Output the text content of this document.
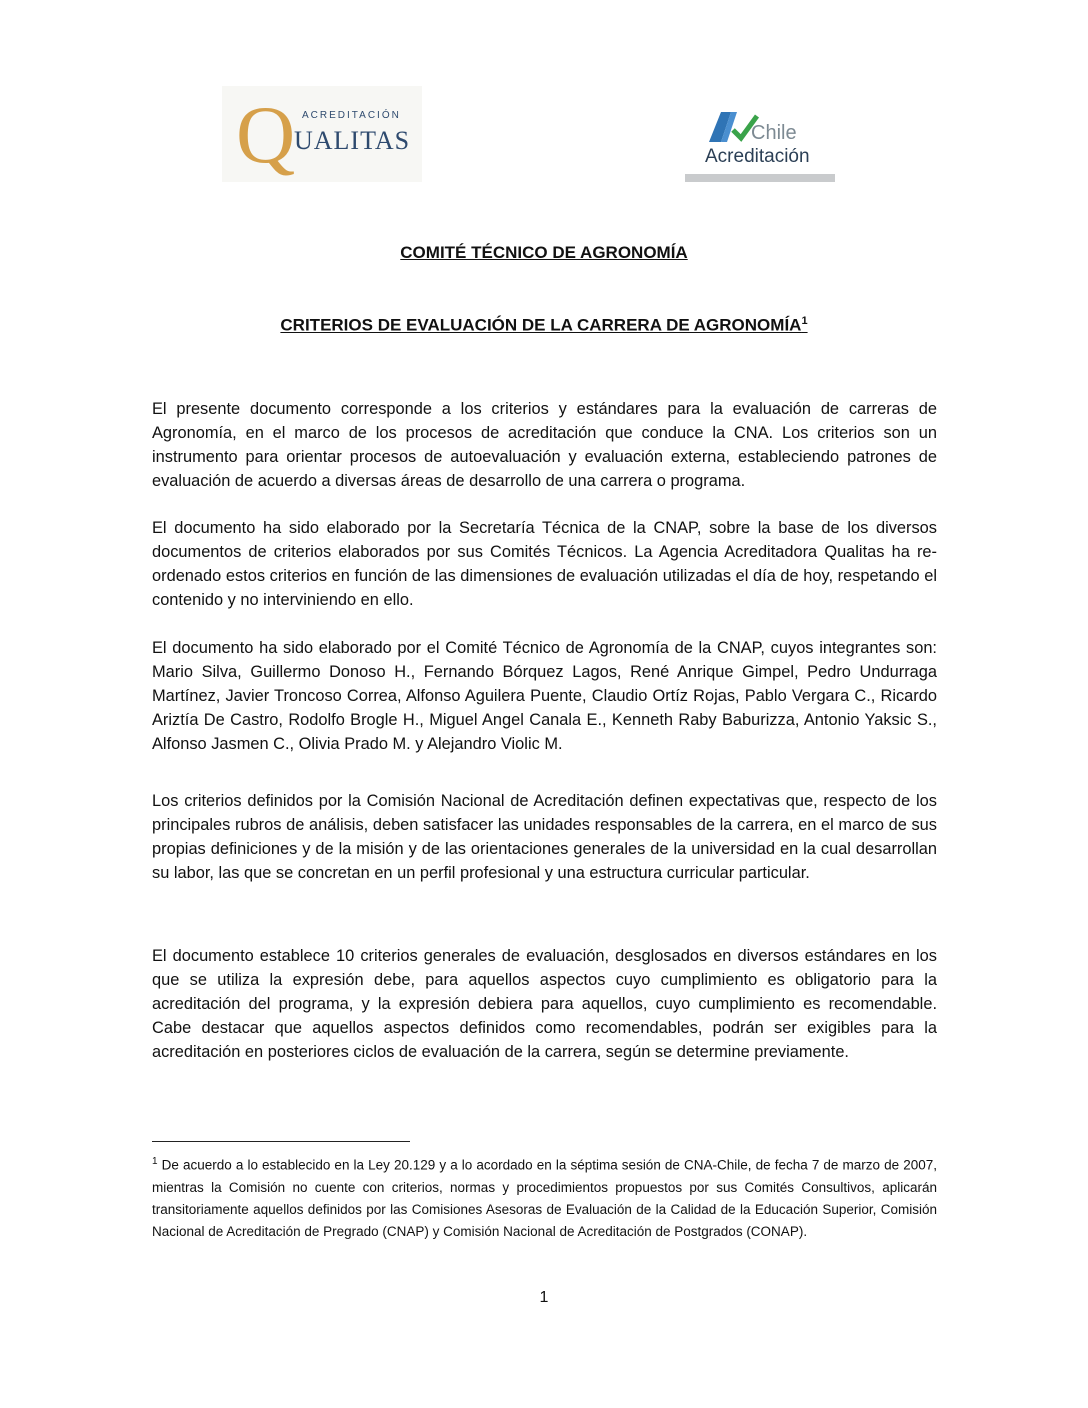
Q ACREDITACIÓN
UALITAS	Chile
Acreditación
COMITÉ TÉCNICO DE AGRONOMÍA
CRITERIOS DE EVALUACIÓN DE LA CARRERA DE AGRONOMÍA$^1$

El presente documento corresponde a los criterios y estándares para la evaluación de carreras de Agronomía, en el marco de los procesos de acreditación que conduce la CNA. Los criterios son un instrumento para orientar procesos de autoevaluación y evaluación externa, estableciendo patrones de evaluación de acuerdo a diversas áreas de desarrollo de una carrera o programa.

El documento ha sido elaborado por la Secretaría Técnica de la CNAP, sobre la base de los diversos documentos de criterios elaborados por sus Comités Técnicos. La Agencia Acreditadora Qualitas ha re-ordenado estos criterios en función de las dimensiones de evaluación utilizadas el día de hoy, respetando el contenido y no interviniendo en ello.

El documento ha sido elaborado por el Comité Técnico de Agronomía de la CNAP, cuyos integrantes son: Mario Silva, Guillermo Donoso H., Fernando Bórquez Lagos, René Anrique Gimpel, Pedro Undurraga Martínez, Javier Troncoso Correa, Alfonso Aguilera Puente, Claudio Ortíz Rojas, Pablo Vergara C., Ricardo Ariztía De Castro, Rodolfo Brogle H., Miguel Angel Canala E., Kenneth Raby Baburizza, Antonio Yaksic S., Alfonso Jasmen C., Olivia Prado M. y Alejandro Violic M.

Los criterios definidos por la Comisión Nacional de Acreditación definen expectativas que, respecto de los principales rubros de análisis, deben satisfacer las unidades responsables de la carrera, en el marco de sus propias definiciones y de la misión y de las orientaciones generales de la universidad en la cual desarrollan su labor, las que se concretan en un perfil profesional y una estructura curricular particular.

El documento establece 10 criterios generales de evaluación, desglosados en diversos estándares en los que se utiliza la expresión debe, para aquellos aspectos cuyo cumplimiento es obligatorio para la acreditación del programa, y la expresión debiera para aquellos, cuyo cumplimiento es recomendable. Cabe destacar que aquellos aspectos definidos como recomendables, podrán ser exigibles para la acreditación en posteriores ciclos de evaluación de la carrera, según se determine previamente.

$^1$ De acuerdo a lo establecido en la Ley 20.129 y a lo acordado en la séptima sesión de CNA-Chile, de fecha 7 de marzo de 2007, mientras la Comisión no cuente con criterios, normas y procedimientos propuestos por sus Comités Consultivos, aplicarán transitoriamente aquellos definidos por las Comisiones Asesoras de Evaluación de la Calidad de la Educación Superior, Comisión Nacional de Acreditación de Pregrado (CNAP) y Comisión Nacional de Acreditación de Postgrados (CONAP).

1
